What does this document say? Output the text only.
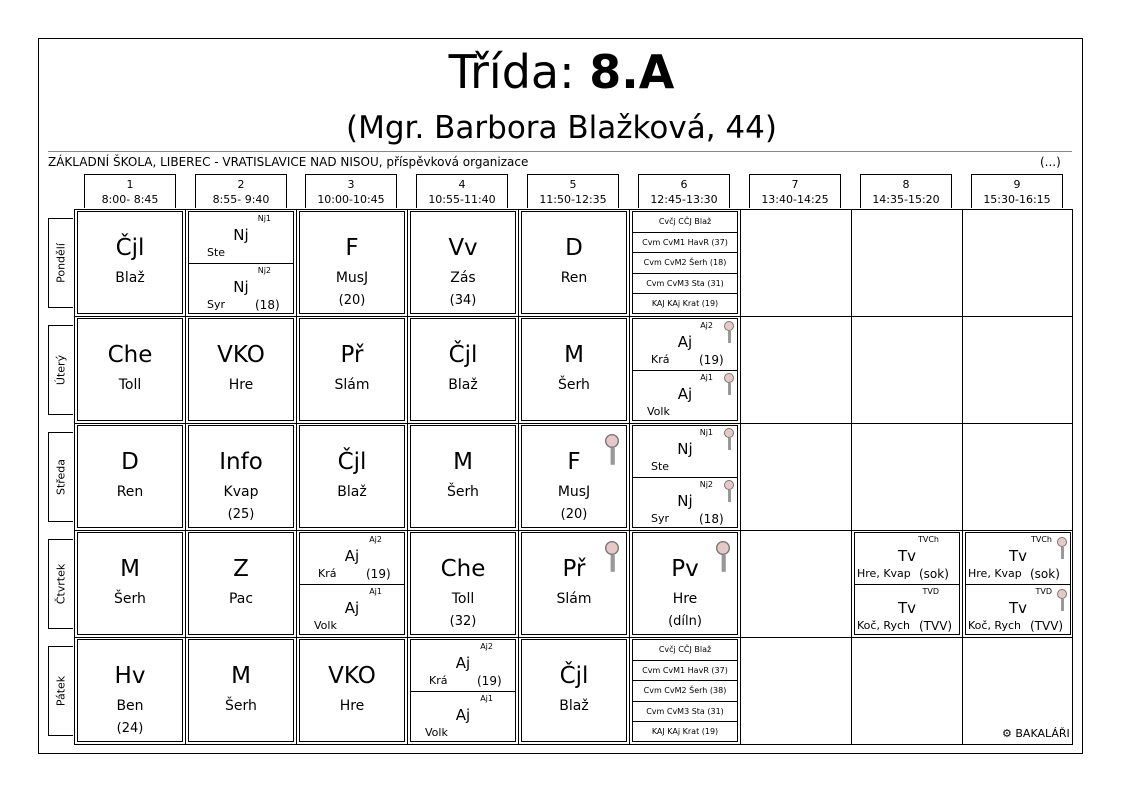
Třída: 8.A
(Mgr. Barbora Blažková, 44)
ZÁKLADNÍ ŠKOLA, LIBEREC - VRATISLAVICE NAD NISOU, příspěvková organizace	(...)
1
8:00- 8:45
2
8:55- 9:40
3
10:00-10:45
4
10:55-11:40
5
11:50-12:35
6
12:45-13:30
7
13:40-14:25
8
14:35-15:20
9
15:30-16:15
Pondělí
Úterý
Středa
Čtvrtek
Pátek
Čjl
Blaž
Nj1
Nj
Ste
Nj2
Nj
Syr (18)
F
MusJ
(20)
Vv
Zás
(34)
D
Ren
Cvčj CČJ Blaž
Cvm CvM1 HavR (37)
Cvm CvM2 Šerh (18)
Cvm CvM3 Sta (31)
KAJ KAj Krat (19)
Che
Toll
VKO
Hre
Př
Slám
Čjl
Blaž
M
Šerh
Aj2
Aj
Krá (19)
Aj1
Aj
Volk
D
Ren
Info
Kvap
(25)
Čjl
Blaž
M
Šerh
F
MusJ
(20)
Nj1
Nj
Ste
Nj2
Nj
Syr (18)
M
Šerh
Z
Pac
Aj2
Aj
Krá (19)
Aj1
Aj
Volk
Che
Toll
(32)
Př
Slám
Pv
Hre
(díln)
TVCh
Tv
Hre, Kvap (sok)
TVD
Tv
Koč, Rych (TVV)
TVCh
Tv
Hre, Kvap (sok)
TVD
Tv
Koč, Rych (TVV)
Hv
Ben
(24)
M
Šerh
VKO
Hre
Aj2
Aj
Krá (19)
Aj1
Aj
Volk
Čjl
Blaž
Cvčj CČJ Blaž
Cvm CvM1 HavR (37)
Cvm CvM2 Šerh (38)
Cvm CvM3 Sta (31)
KAJ KAj Krat (19)	⚙ BAKALÁŘI
